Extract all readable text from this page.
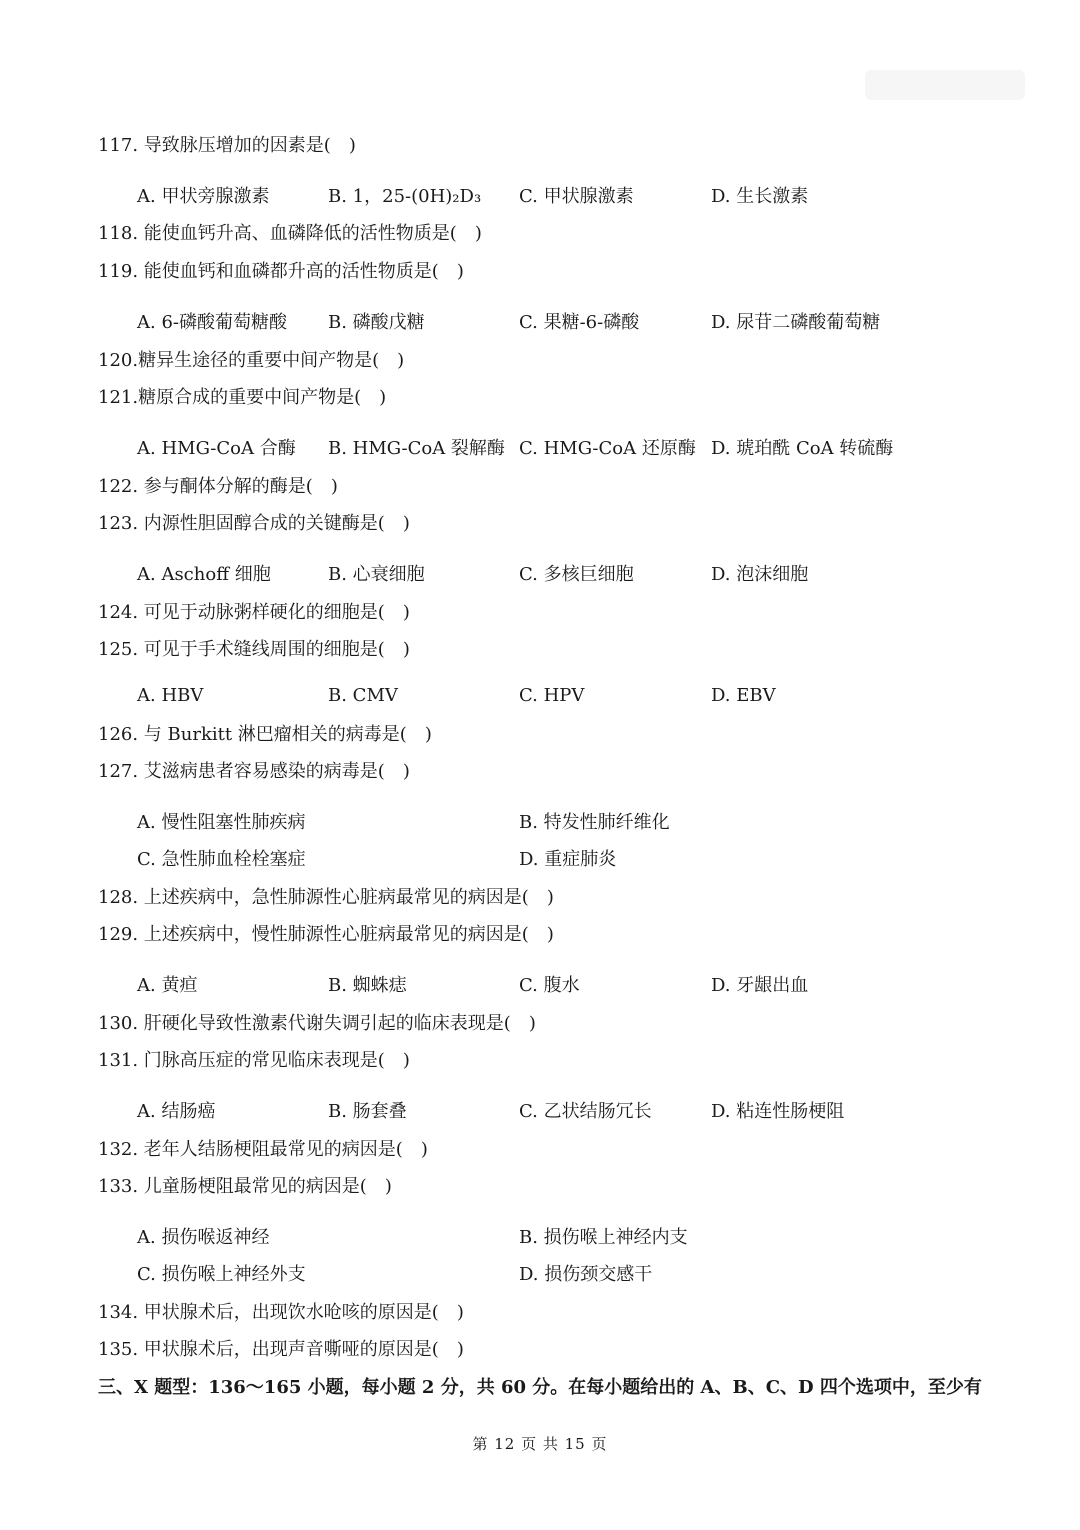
117. 导致脉压增加的因素是(　)
A. 甲状旁腺激素	B. 1，25-(0H)₂D₃ C. 甲状腺激素	D. 生长激素
118. 能使血钙升高、血磷降低的活性物质是(　)
119. 能使血钙和血磷都升高的活性物质是(　)
A. 6-磷酸葡萄糖酸 B. 磷酸戊糖	C. 果糖-6-磷酸	D. 尿苷二磷酸葡萄糖
120.糖异生途径的重要中间产物是(　)
121.糖原合成的重要中间产物是(　)
A. HMG-CoA 合酶 B. HMG-CoA 裂解酶 C. HMG-CoA 还原酶 D. 琥珀酰 CoA 转硫酶
122. 参与酮体分解的酶是(　)
123. 内源性胆固醇合成的关键酶是(　)
A. Aschoff 细胞	B. 心衰细胞	C. 多核巨细胞	D. 泡沫细胞
124. 可见于动脉粥样硬化的细胞是(　)
125. 可见于手术缝线周围的细胞是(　)
A. HBV	B. CMV	C. HPV	D. EBV
126. 与 Burkitt 淋巴瘤相关的病毒是(　)
127. 艾滋病患者容易感染的病毒是(　)
A. 慢性阻塞性肺疾病	B. 特发性肺纤维化
C. 急性肺血栓栓塞症	D. 重症肺炎
128. 上述疾病中，急性肺源性心脏病最常见的病因是(　)
129. 上述疾病中，慢性肺源性心脏病最常见的病因是(　)
A. 黄疸	B. 蜘蛛痣	C. 腹水	D. 牙龈出血
130. 肝硬化导致性激素代谢失调引起的临床表现是(　)
131. 门脉高压症的常见临床表现是(　)
A. 结肠癌	B. 肠套叠	C. 乙状结肠冗长	D. 粘连性肠梗阻
132. 老年人结肠梗阻最常见的病因是(　)
133. 儿童肠梗阻最常见的病因是(　)
A. 损伤喉返神经	B. 损伤喉上神经内支
C. 损伤喉上神经外支	D. 损伤颈交感干
134. 甲状腺术后，出现饮水呛咳的原因是(　)
135. 甲状腺术后，出现声音嘶哑的原因是(　)
三、X 题型：136～165 小题，每小题 2 分，共 60 分。在每小题给出的 A、B、C、D 四个选项中，至少有
第 12 页 共 15 页
